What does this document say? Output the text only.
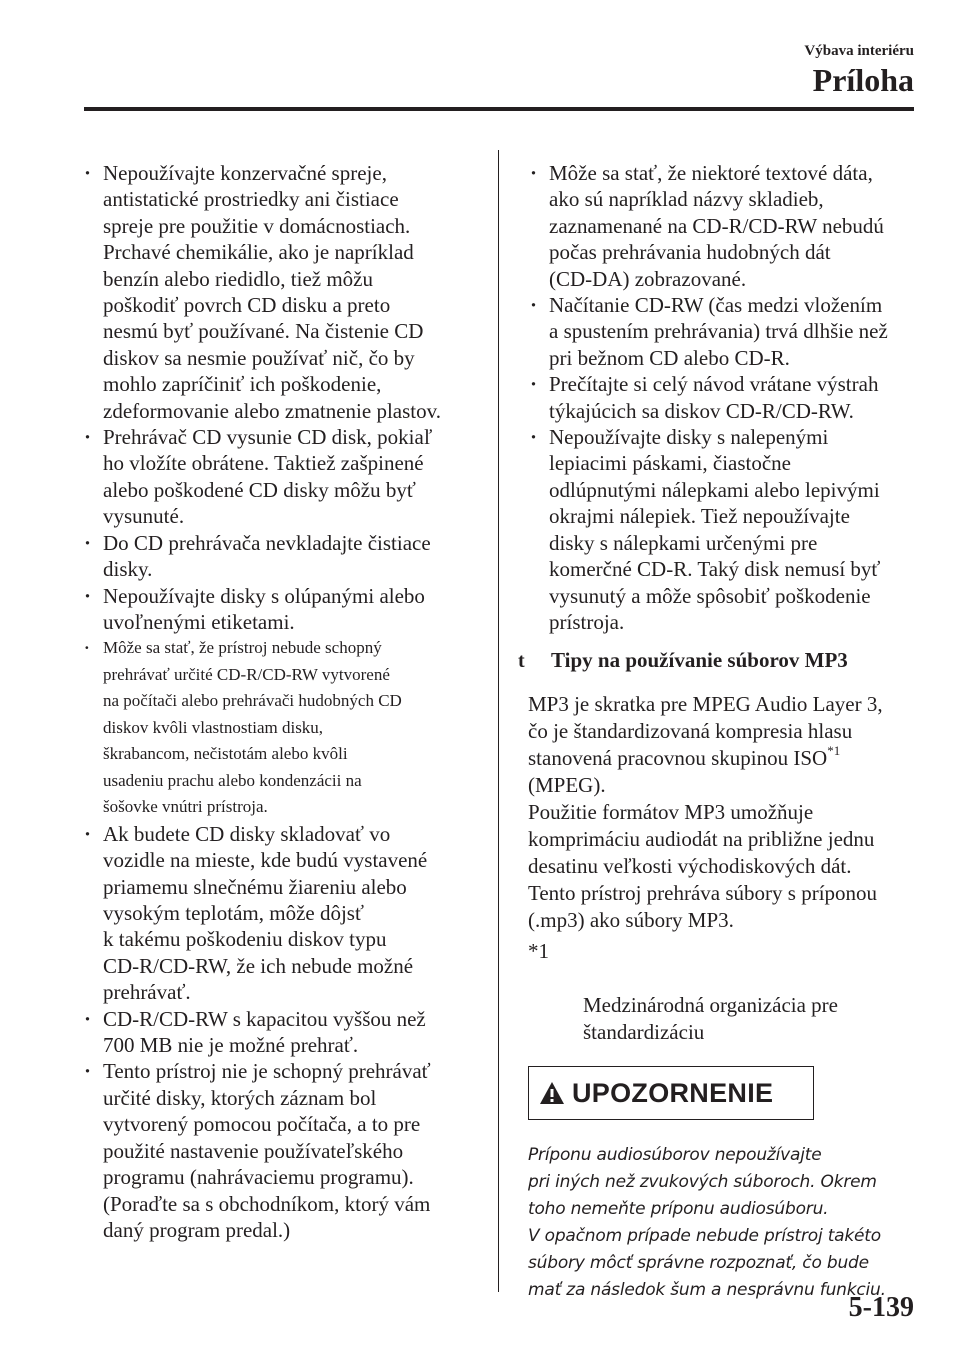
Výbava interiéru
Príloha
· Nepoužívajte konzervačné spreje,
antistatické prostriedky ani čistiace
spreje pre použitie v domácnostiach.
Prchavé chemikálie, ako je napríklad
benzín alebo riedidlo, tiež môžu
poškodiť povrch CD disku a preto
nesmú byť používané. Na čistenie CD
diskov sa nesmie používať nič, čo by
mohlo zapríčiniť ich poškodenie,
zdeformovanie alebo zmatnenie plastov.
· Prehrávač CD vysunie CD disk, pokiaľ
ho vložíte obrátene. Taktiež zašpinené
alebo poškodené CD disky môžu byť
vysunuté.
· Do CD prehrávača nevkladajte čistiace
disky.
· Nepoužívajte disky s olúpanými alebo
uvoľnenými etiketami.
· Môže sa stať, že prístroj nebude schopný
prehrávať určité CD-R/CD-RW vytvorené
na počítači alebo prehrávači hudobných CD
diskov kvôli vlastnostiam disku,
škrabancom, nečistotám alebo kvôli
usadeniu prachu alebo kondenzácii na
šošovke vnútri prístroja.
· Ak budete CD disky skladovať vo
vozidle na mieste, kde budú vystavené
priamemu slnečnému žiareniu alebo
vysokým teplotám, môže dôjsť
k takému poškodeniu diskov typu
CD-R/CD-RW, že ich nebude možné
prehrávať.
· CD-R/CD-RW s kapacitou vyššou než
700 MB nie je možné prehrať.
· Tento prístroj nie je schopný prehrávať
určité disky, ktorých záznam bol
vytvorený pomocou počítača, a to pre
použité nastavenie používateľského
programu (nahrávaciemu programu).
(Poraďte sa s obchodníkom, ktorý vám
daný program predal.)
· Môže sa stať, že niektoré textové dáta,
ako sú napríklad názvy skladieb,
zaznamenané na CD-R/CD-RW nebudú
počas prehrávania hudobných dát
(CD-DA) zobrazované.
· Načítanie CD-RW (čas medzi vložením
a spustením prehrávania) trvá dlhšie než
pri bežnom CD alebo CD-R.
· Prečítajte si celý návod vrátane výstrah
týkajúcich sa diskov CD-R/CD-RW.
· Nepoužívajte disky s nalepenými
lepiacimi páskami, čiastočne
odlúpnutými nálepkami alebo lepivými
okrajmi nálepiek. Tiež nepoužívajte
disky s nálepkami určenými pre
komerčné CD-R. Taký disk nemusí byť
vysunutý a môže spôsobiť poškodenie
prístroja.
t Tipy na používanie súborov MP3
MP3 je skratka pre MPEG Audio Layer 3,
čo je štandardizovaná kompresia hlasu
stanovená pracovnou skupinou ISO$^{*1}$
(MPEG).
Použitie formátov MP3 umožňuje
komprimáciu audiodát na približne jednu
desatinu veľkosti východiskových dát.
Tento prístroj prehráva súbory s príponou
(.mp3) ako súbory MP3.

*1

Medzinárodná organizácia pre
štandardizáciu

UPOZORNENIE
Príponu audiosúborov nepoužívajte
pri iných než zvukových súboroch. Okrem
toho nemeňte príponu audiosúboru.
V opačnom prípade nebude prístroj takéto
súbory môcť správne rozpoznať, čo bude
mať za následok šum a nesprávnu funkciu.
5-139
